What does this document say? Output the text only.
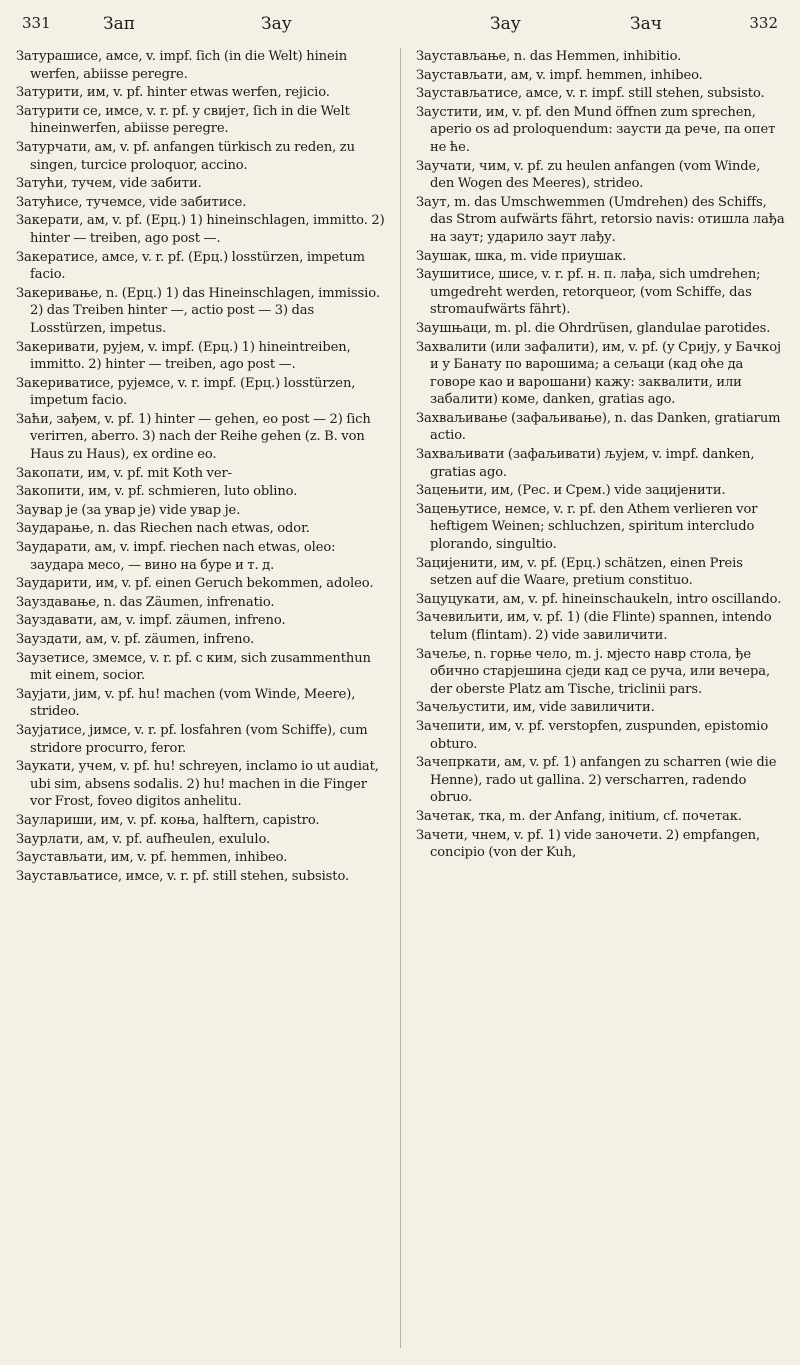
331	Зап	Зау	Зау	Зач	332

Затурашисе, амсе, v. impf. ſich (in die Welt) hinein werfen, abiisse peregre.

Затурити, им, v. pf. hinter etwas werfen, rejicio.

Затурити се, имсе, v. r. pf. у свијет, ſich in die Welt hineinwerfen, abiisse peregre.

Затурчати, ам, v. pf. anfangen türkisch zu reden, zu singen, turcice proloquor, accino.

Затући, тучем, vide забити.

Затућисе, тучемсе, vide забитисе.

Закерати, ам, v. pf. (Ерц.) 1) hineinschlagen, immitto. 2) hinter — treiben, ago post —.

Закератисе, амсе, v. r. pf. (Ерц.) losstürzen, impetum facio.

Закеривање, n. (Ерц.) 1) das Hineinschlagen, immissio. 2) das Treiben hinter —, actio post — 3) das Losstürzen, impetus.

Закеривати, рујем, v. impf. (Ерц.) 1) hineintreiben, immitto. 2) hinter — treiben, ago post —.

Закериватисе, рујемсе, v. r. impf. (Ерц.) losstürzen, impetum facio.

Заћи, зађем, v. pf. 1) hinter — gehen, eo post — 2) ſich verirren, aberro. 3) nach der Reihe gehen (z. B. von Haus zu Haus), ex ordine eo.

Закопати, им, v. pf. mit Koth ver-

Закопити, им, v. pf. schmieren, luto oblino.

Заувар је (за увар је) vide увар је.

Заударање, n. das Riechen nach etwas, odor.

Заударати, ам, v. impf. riechen nach etwas, oleo: заудара месо, — вино на буре и т. д.

Заударити, им, v. pf. einen Geruch bekommen, adoleo.

Зауздавање, n. das Zäumen, infrenatio.

Зауздавати, ам, v. impf. zäumen, infreno.

Зауздати, ам, v. pf. zäumen, infreno.

Заузетисе, змемсе, v. r. pf. с ким, sich zusammenthun mit einem, socior.

Заујати, јим, v. pf. hu! machen (vom Winde, Meere), strideo.

Заујатисе, јимсе, v. r. pf. losfahren (vom Schiffe), cum stridore procurro, feror.

Заукати, учем, v. pf. hu! schreyen, inclamo io ut audiat, ubi sim, absens sodalis. 2) hu! machen in die Finger vor Frost, foveo digitos anhelitu.

Заулариши, им, v. pf. коња, halftern, capistro.

Заурлати, ам, v. pf. aufheulen, exululo.

Заустављати, им, v. pf. hemmen, inhibeo.

Заустављатисе, имсе, v. r. pf. still stehen, subsisto.

Заустављање, n. das Hemmen, inhibitio.

Заустављати, ам, v. impf. hemmen, inhibeo.

Заустављатисе, амсе, v. r. impf. still stehen, subsisto.

Заустити, им, v. pf. den Mund öffnen zum sprechen, aperio os ad proloquendum: заусти да рече, па опет не ће.

Заучати, чим, v. pf. zu heulen anfangen (vom Winde, den Wogen des Meeres), strideo.

Заут, m. das Umschwemmen (Umdrehen) des Schiffs, das Strom aufwärts fährt, retorsio navis: отишла лађа на заут; ударило заут лађу.

Заушак, шка, m. vide приушак.

Заушитисе, шисе, v. r. pf. н. п. лађа, sich umdrehen; umgedreht werden, retorqueor, (vom Schiffe, das stromaufwärts fährt).

Заушњаци, m. pl. die Ohrdrüsen, glandulae parotides.

Захвалити (или зафалити), им, v. pf. (у Срију, у Бачкој и у Банату по варошима; а сељаци (кад оће да говоре као и варошани) кажу: заквалити, или забалити) коме, danken, gratias ago.

Захваљивање (зафаљивање), n. das Danken, gratiarum actio.

Захваљивати (зафаљивати) љујем, v. impf. danken, gratias ago.

Зацењити, им, (Рес. и Срем.) vide зацијенити.

Зацењутисе, немсе, v. r. pf. den Athem verlieren vor heftigem Weinen; schluchzen, spiritum intercludo plorando, singultio.

Зацијенити, им, v. pf. (Ерц.) schätzen, einen Preis setzen auf die Waare, pretium constituo.

Зацуцукати, ам, v. pf. hineinschaukeln, intro oscillando.

Зачевиљити, им, v. pf. 1) (die Flinte) spannen, intendo telum (flintam). 2) vide завиличити.

Зачеље, n. горње чело, m. j. мјесто навр стола, ђе обично старјешина сједи кад се руча, или вечера, der oberste Platz am Tische, triclinii pars.

Зачељустити, им, vide завиличити.

Зачепити, им, v. pf. verstopfen, zuspunden, epistomio obturo.

Зачепркати, ам, v. pf. 1) anfangen zu scharren (wie die Henne), rado ut gallina. 2) verscharren, radendo obruo.

Зачетак, тка, m. der Anfang, initium, cf. почетак.

Зачети, чнем, v. pf. 1) vide заночети. 2) empfangen, concipio (von der Kuh,
